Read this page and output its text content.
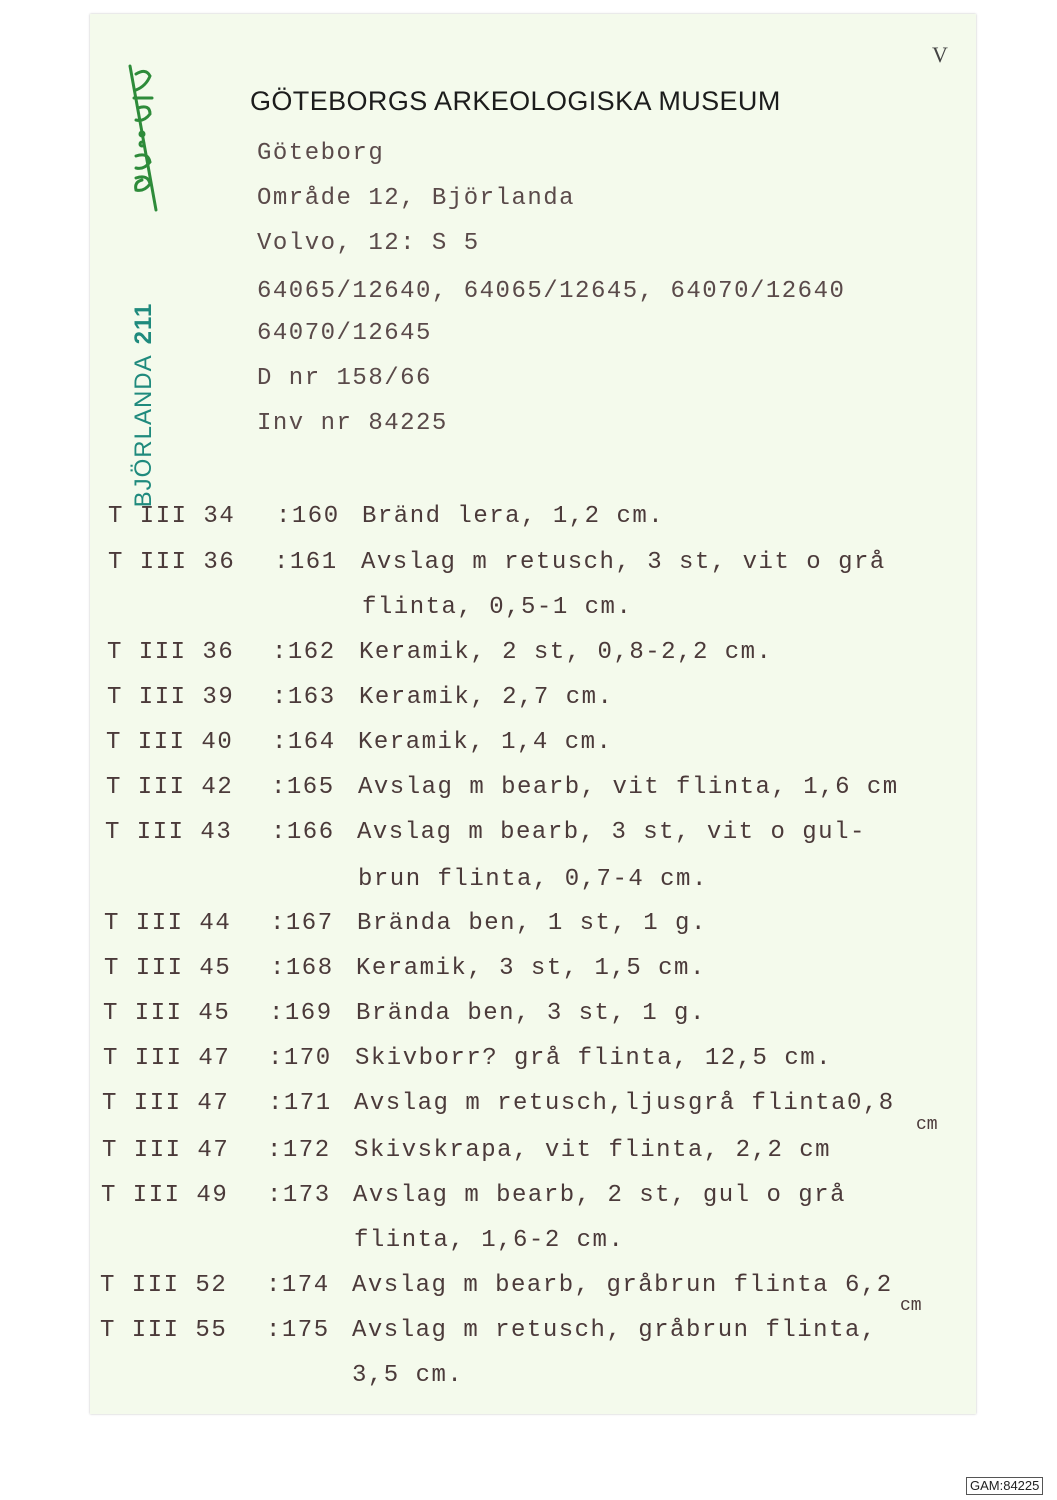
V
GÖTEBORGS ARKEOLOGISKA MUSEUM
Göteborg
Område 12, Björlanda
Volvo, 12: S 5
64065/12640, 64065/12645, 64070/12640
64070/12645
D nr 158/66
Inv nr 84225
BJÖRLANDA211
T III 34 :160 Bränd lera, 1,2 cm.
T III 36 :161 Avslag m retusch, 3 st, vit o grå
flinta, 0,5-1 cm.
T III 36 :162 Keramik, 2 st, 0,8-2,2 cm.
T III 39 :163 Keramik, 2,7 cm.
T III 40 :164 Keramik, 1,4 cm.
T III 42 :165 Avslag m bearb, vit flinta, 1,6 cm
T III 43 :166 Avslag m bearb, 3 st, vit o gul-
brun flinta, 0,7-4 cm.
T III 44 :167 Brända ben, 1 st, 1 g.
T III 45 :168 Keramik, 3 st, 1,5 cm.
T III 45 :169 Brända ben, 3 st, 1 g.
T III 47 :170 Skivborr? grå flinta, 12,5 cm.
T III 47 :171 Avslag m retusch,ljusgrå flinta0,8
cm
T III 47 :172 Skivskrapa, vit flinta, 2,2 cm
T III 49 :173 Avslag m bearb, 2 st, gul o grå
flinta, 1,6-2 cm.
T III 52 :174 Avslag m bearb, gråbrun flinta 6,2
cm
T III 55 :175 Avslag m retusch, gråbrun flinta,
3,5 cm.
GAM:84225
